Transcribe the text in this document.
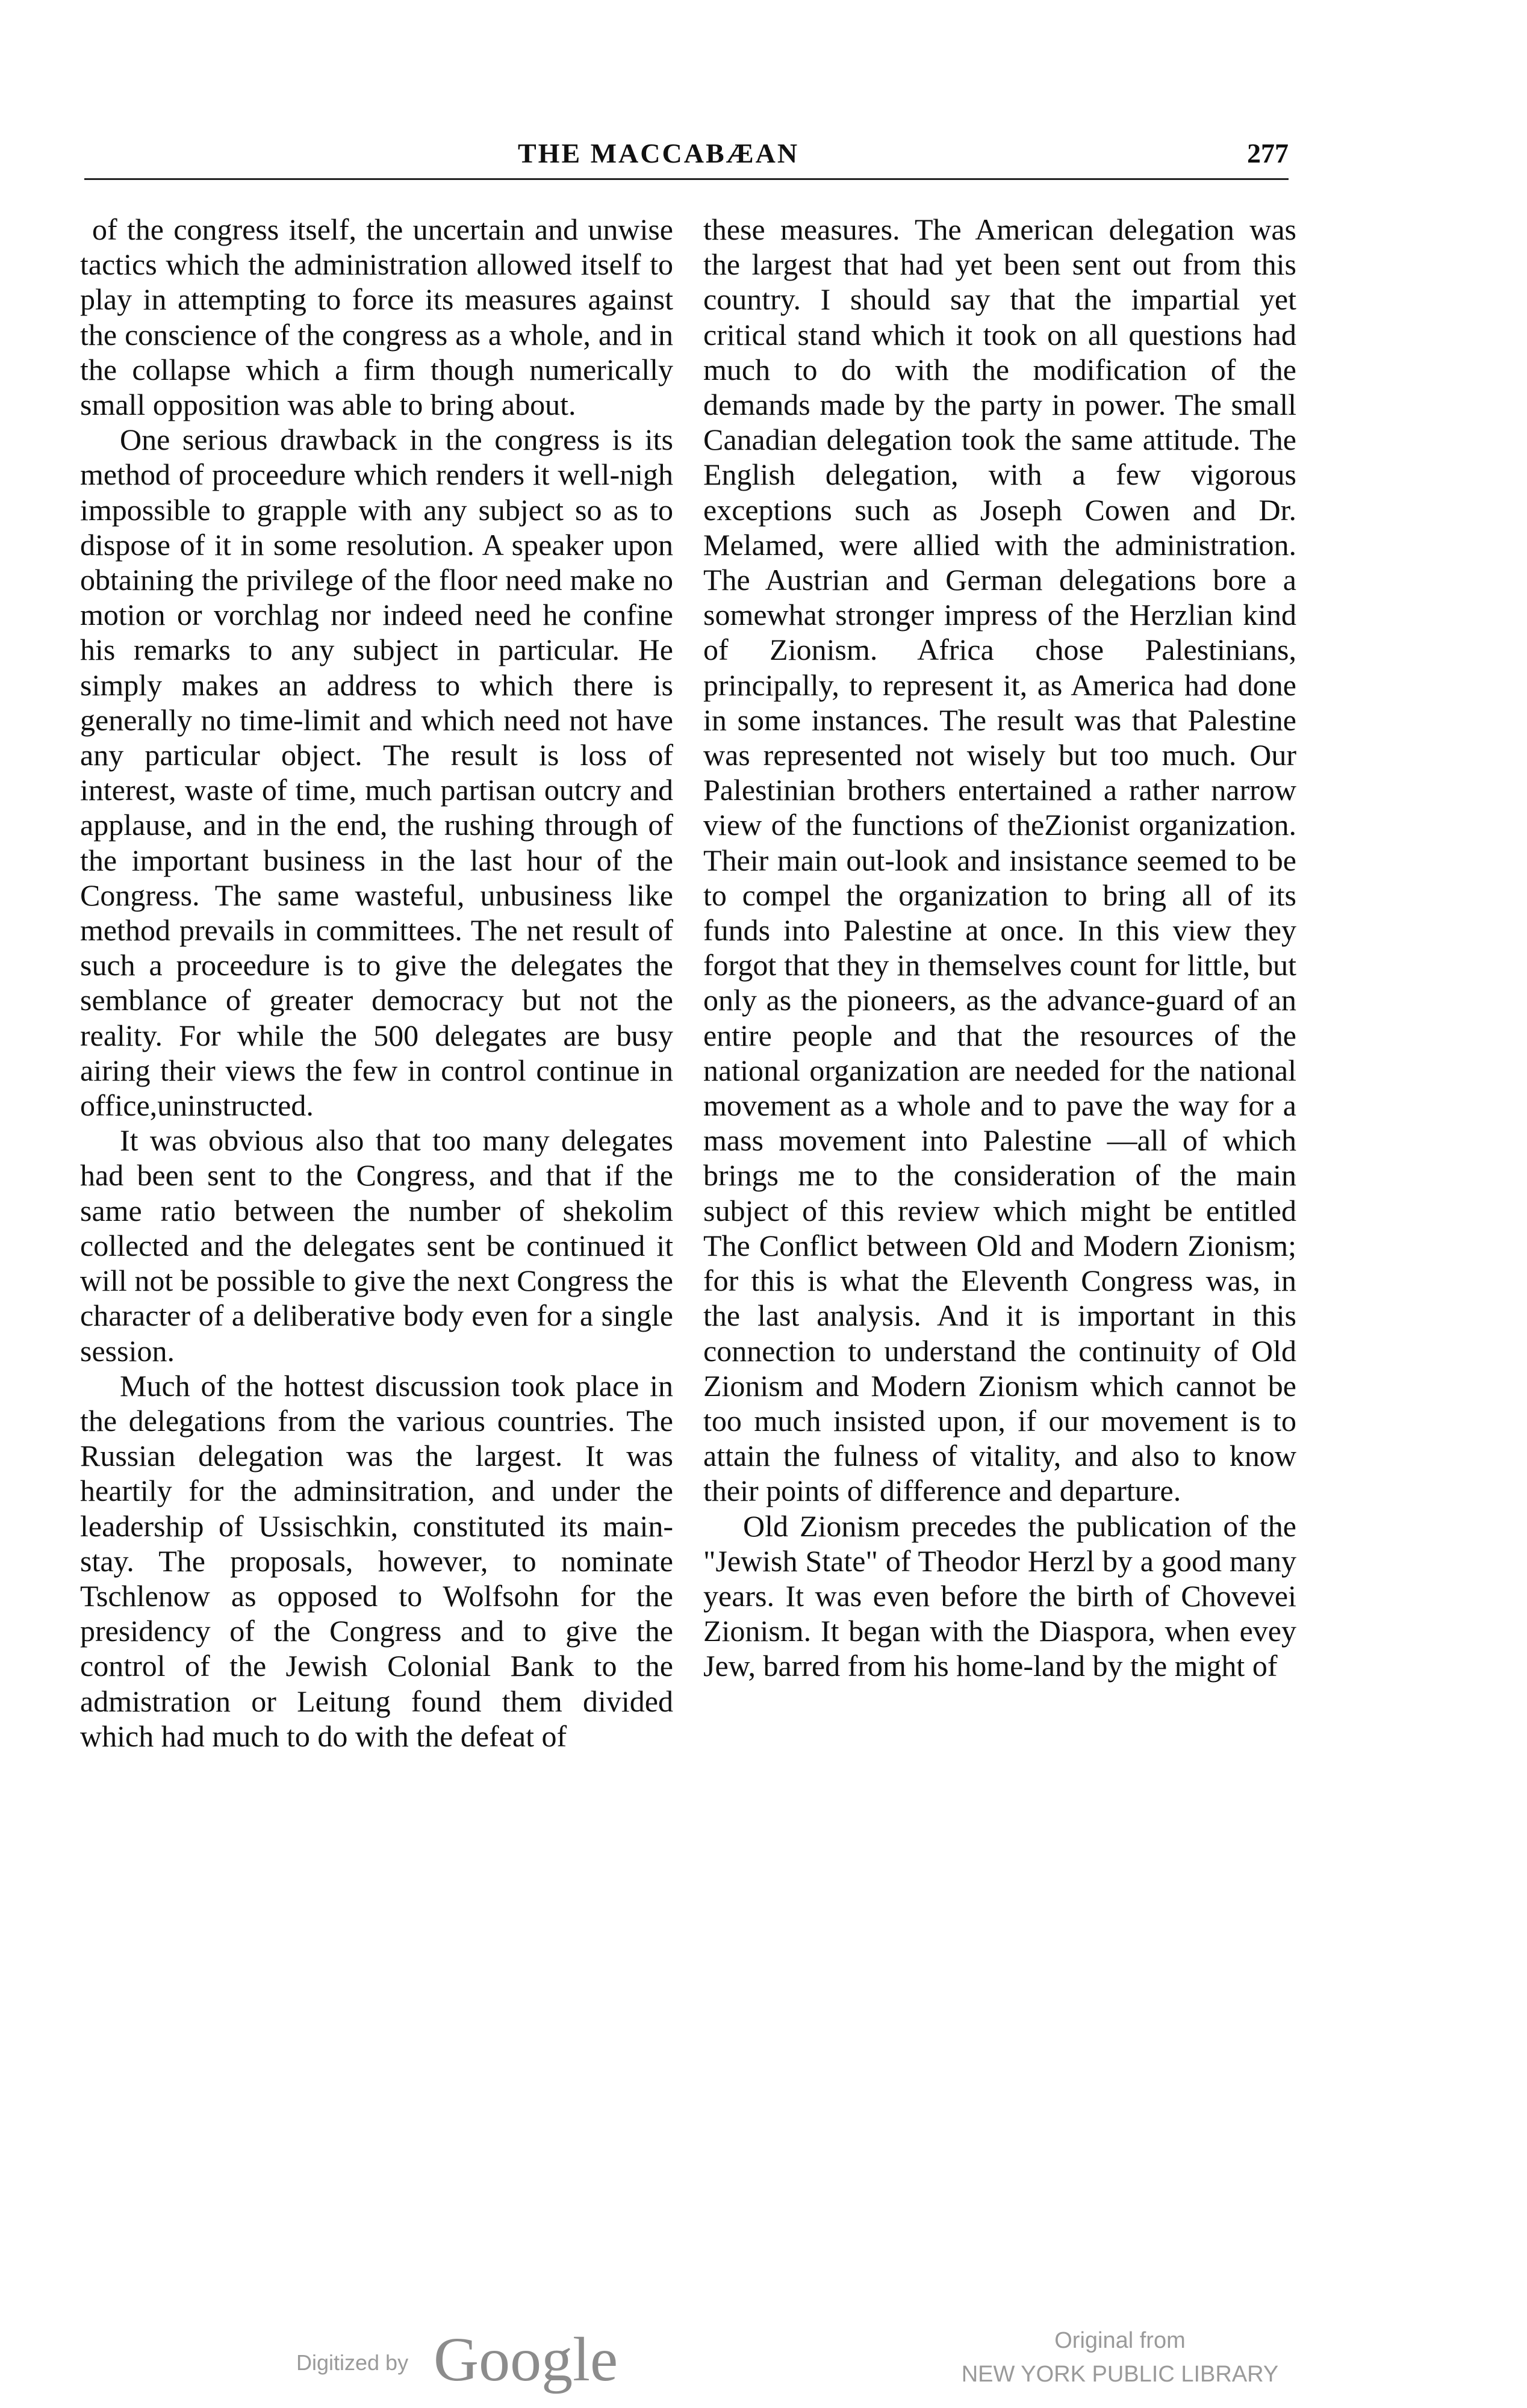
THE MACCABÆAN	277

of the congress itself, the uncertain and unwise tactics which the administration allowed itself to play in attempting to force its measures against the conscience of the congress as a whole, and in the collapse which a firm though numerically small opposition was able to bring about.

One serious drawback in the congress is its method of proceedure which renders it well-nigh impossible to grapple with any subject so as to dispose of it in some resolution. A speaker upon obtaining the privilege of the floor need make no motion or vorchlag nor indeed need he confine his remarks to any subject in particular. He simply makes an address to which there is generally no time-limit and which need not have any particular object. The result is loss of interest, waste of time, much partisan outcry and applause, and in the end, the rushing through of the important business in the last hour of the Congress. The same wasteful, unbusiness like method prevails in committees. The net result of such a proceedure is to give the delegates the semblance of greater democracy but not the reality. For while the 500 delegates are busy airing their views the few in control continue in office,uninstructed.

It was obvious also that too many delegates had been sent to the Congress, and that if the same ratio between the number of shekolim collected and the delegates sent be continued it will not be possible to give the next Congress the character of a deliberative body even for a single session.

Much of the hottest discussion took place in the delegations from the various countries. The Russian delegation was the largest. It was heartily for the adminsitration, and under the leadership of Ussischkin, constituted its main-stay. The proposals, however, to nominate Tschlenow as opposed to Wolfsohn for the presidency of the Congress and to give the control of the Jewish Colonial Bank to the admistration or Leitung found them divided which had much to do with the defeat of

these measures. The American delegation was the largest that had yet been sent out from this country. I should say that the impartial yet critical stand which it took on all questions had much to do with the modification of the demands made by the party in power. The small Canadian delegation took the same attitude. The English delegation, with a few vigorous exceptions such as Joseph Cowen and Dr. Melamed, were allied with the administration. The Austrian and German delegations bore a somewhat stronger impress of the Herzlian kind of Zionism. Africa chose Palestinians, principally, to represent it, as America had done in some instances. The result was that Palestine was represented not wisely but too much. Our Palestinian brothers entertained a rather narrow view of the functions of theZionist organization. Their main out-look and insistance seemed to be to compel the organization to bring all of its funds into Palestine at once. In this view they forgot that they in themselves count for little, but only as the pioneers, as the advance-guard of an entire people and that the resources of the national organization are needed for the national movement as a whole and to pave the way for a mass movement into Palestine —all of which brings me to the consideration of the main subject of this review which might be entitled The Conflict between Old and Modern Zionism; for this is what the Eleventh Congress was, in the last analysis. And it is important in this connection to understand the continuity of Old Zionism and Modern Zionism which cannot be too much insisted upon, if our movement is to attain the fulness of vitality, and also to know their points of difference and departure.

Old Zionism precedes the publication of the "Jewish State" of Theodor Herzl by a good many years. It was even before the birth of Chovevei Zionism. It began with the Diaspora, when evey Jew, barred from his home-land by the might of

Digitized by Google	Original from
NEW YORK PUBLIC LIBRARY
